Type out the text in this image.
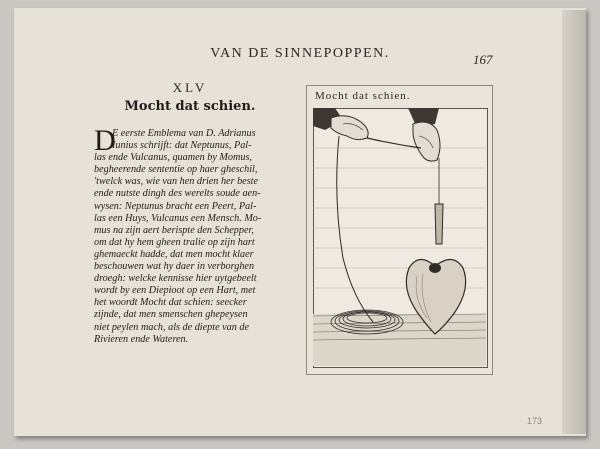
VAN DE SINNEPOPPEN.	167
XLV
Mocht dat schien.
D
E eerste Emblema van D. Adrianus
Iunius schrijft: dat Neptunus, Pal-
las ende Vulcanus, quamen by Momus,
begheerende sententie op haer gheschil,
'twelck was, wie van hen drien her beste
ende nutste dingh des werelts soude aen-
wysen: Neptunus bracht een Peert, Pal-
las een Huys, Vulcanus een Mensch. Mo-
mus na zijn aert berispte den Schepper,
om dat hy hem gheen tralie op zijn hart
ghemaeckt hadde, dat men mocht klaer
beschouwen wat hy daer in verborghen
droegh: welcke kennisse hier uytgebeelt
wordt by een Diepioot op een Hart, met
het woordt Mocht dat schien: seecker
zijnde, dat men smenschen ghepeysen
niet peylen mach, als de diepte van de
Rivieren ende Wateren.
Mocht dat schien.
173
